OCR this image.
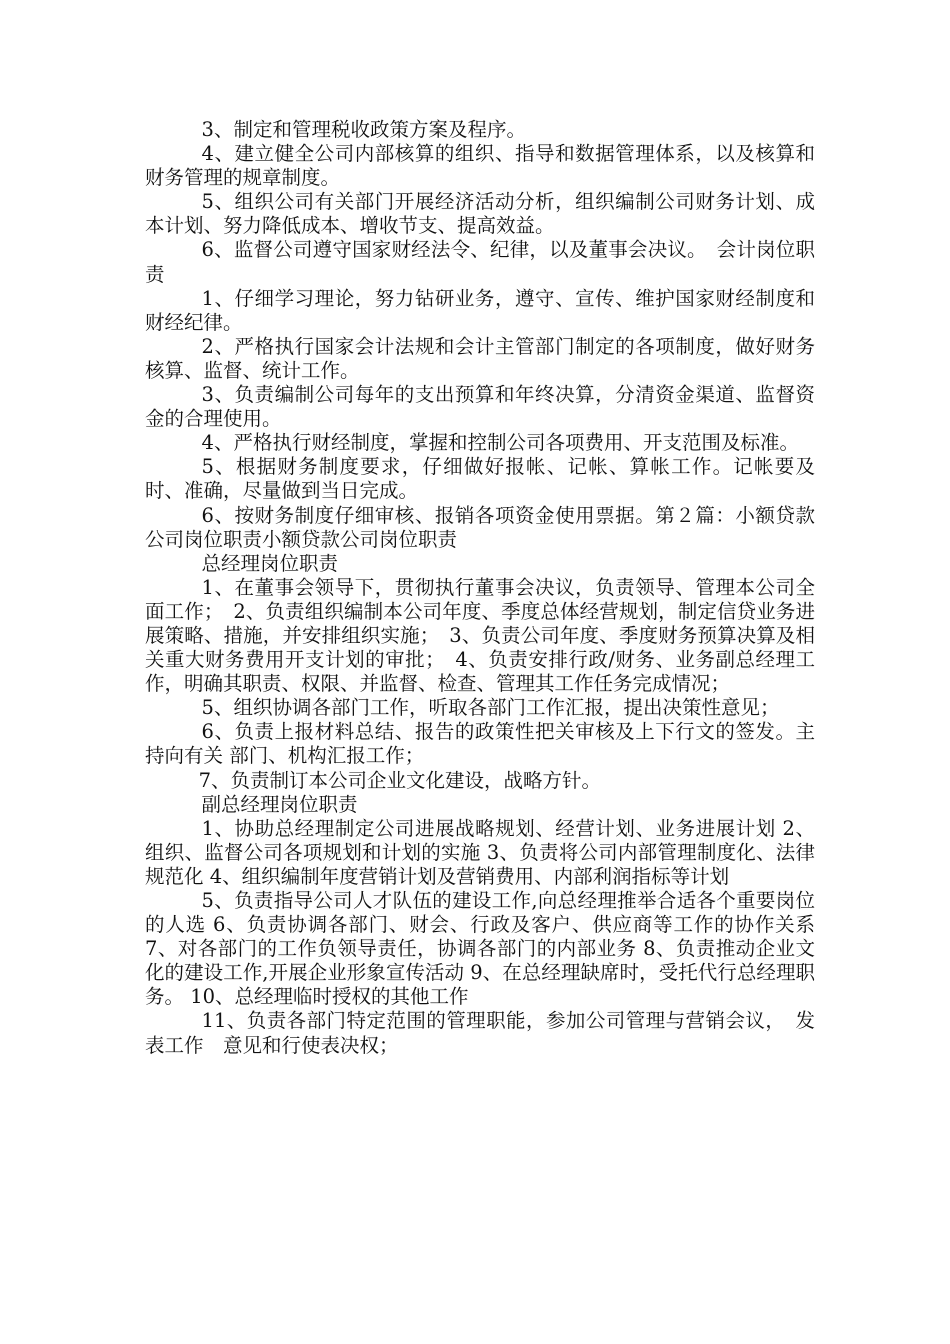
3、制定和管理税收政策方案及程序。

4、建立健全公司内部核算的组织、指导和数据管理体系，以及核算和财务管理的规章制度。

5、组织公司有关部门开展经济活动分析，组织编制公司财务计划、成本计划、努力降低成本、增收节支、提高效益。

6、监督公司遵守国家财经法令、纪律，以及董事会决议。　会计岗位职责

1、仔细学习理论，努力钻研业务，遵守、宣传、维护国家财经制度和财经纪律。

2、严格执行国家会计法规和会计主管部门制定的各项制度，做好财务核算、监督、统计工作。

3、负责编制公司每年的支出预算和年终决算，分清资金渠道、监督资金的合理使用。

4、严格执行财经制度，掌握和控制公司各项费用、开支范围及标准。

5、根据财务制度要求，仔细做好报帐、记帐、算帐工作。记帐要及时、准确，尽量做到当日完成。

6、按财务制度仔细审核、报销各项资金使用票据。第２篇：小额贷款公司岗位职责小额贷款公司岗位职责

总经理岗位职责

1、在董事会领导下，贯彻执行董事会决议，负责领导、管理本公司全面工作；　2、负责组织编制本公司年度、季度总体经营规划，制定信贷业务进展策略、措施，并安排组织实施；　3、负责公司年度、季度财务预算决算及相关重大财务费用开支计划的审批；　4、负责安排行政/财务、业务副总经理工作，明确其职责、权限、并监督、检查、管理其工作任务完成情况；

5、组织协调各部门工作，听取各部门工作汇报，提出决策性意见；

6、负责上报材料总结、报告的政策性把关审核及上下行文的签发。主持向有关 部门、机构汇报工作；

7、负责制订本公司企业文化建设，战略方针。

副总经理岗位职责

1、协助总经理制定公司进展战略规划、经营计划、业务进展计划 2、组织、监督公司各项规划和计划的实施 3、负责将公司内部管理制度化、法律规范化 4、组织编制年度营销计划及营销费用、内部利润指标等计划

5、负责指导公司人才队伍的建设工作,向总经理推举合适各个重要岗位的人选 6、负责协调各部门、财会、行政及客户、供应商等工作的协作关系 7、对各部门的工作负领导责任，协调各部门的内部业务 8、负责推动企业文化的建设工作,开展企业形象宣传活动 9、在总经理缺席时，受托代行总经理职务。 10、总经理临时授权的其他工作

11、负责各部门特定范围的管理职能，参加公司管理与营销会议，　发表工作　意见和行使表决权；
